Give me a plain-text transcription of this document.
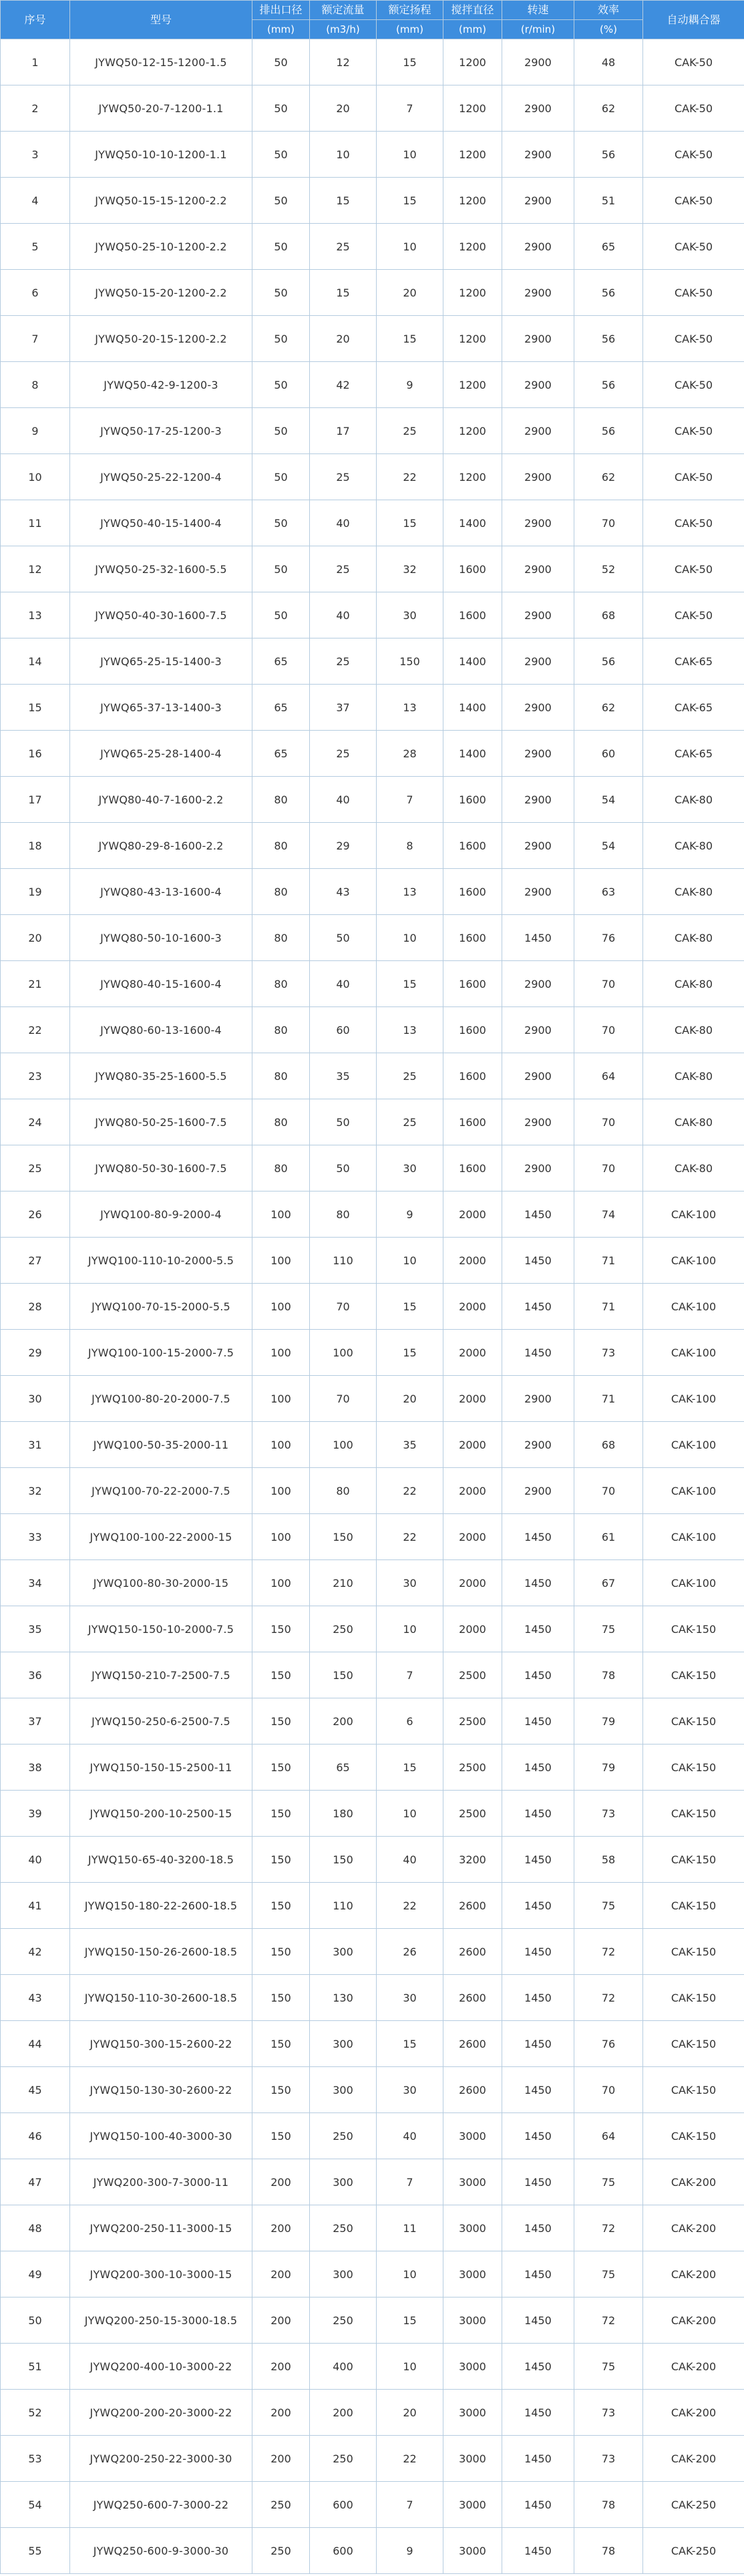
序号	型号	排出口径	额定流量	额定扬程	搅拌直径	转速	效率	自动耦合器
		(mm)	(m3/h)	(mm)	(mm)	(r/min)	(%)	
1	JYWQ50-12-15-1200-1.5	50	12	15	1200	2900	48	CAK-50
2	JYWQ50-20-7-1200-1.1	50	20	7	1200	2900	62	CAK-50
3	JYWQ50-10-10-1200-1.1	50	10	10	1200	2900	56	CAK-50
4	JYWQ50-15-15-1200-2.2	50	15	15	1200	2900	51	CAK-50
5	JYWQ50-25-10-1200-2.2	50	25	10	1200	2900	65	CAK-50
6	JYWQ50-15-20-1200-2.2	50	15	20	1200	2900	56	CAK-50
7	JYWQ50-20-15-1200-2.2	50	20	15	1200	2900	56	CAK-50
8	JYWQ50-42-9-1200-3	50	42	9	1200	2900	56	CAK-50
9	JYWQ50-17-25-1200-3	50	17	25	1200	2900	56	CAK-50
10	JYWQ50-25-22-1200-4	50	25	22	1200	2900	62	CAK-50
11	JYWQ50-40-15-1400-4	50	40	15	1400	2900	70	CAK-50
12	JYWQ50-25-32-1600-5.5	50	25	32	1600	2900	52	CAK-50
13	JYWQ50-40-30-1600-7.5	50	40	30	1600	2900	68	CAK-50
14	JYWQ65-25-15-1400-3	65	25	150	1400	2900	56	CAK-65
15	JYWQ65-37-13-1400-3	65	37	13	1400	2900	62	CAK-65
16	JYWQ65-25-28-1400-4	65	25	28	1400	2900	60	CAK-65
17	JYWQ80-40-7-1600-2.2	80	40	7	1600	2900	54	CAK-80
18	JYWQ80-29-8-1600-2.2	80	29	8	1600	2900	54	CAK-80
19	JYWQ80-43-13-1600-4	80	43	13	1600	2900	63	CAK-80
20	JYWQ80-50-10-1600-3	80	50	10	1600	1450	76	CAK-80
21	JYWQ80-40-15-1600-4	80	40	15	1600	2900	70	CAK-80
22	JYWQ80-60-13-1600-4	80	60	13	1600	2900	70	CAK-80
23	JYWQ80-35-25-1600-5.5	80	35	25	1600	2900	64	CAK-80
24	JYWQ80-50-25-1600-7.5	80	50	25	1600	2900	70	CAK-80
25	JYWQ80-50-30-1600-7.5	80	50	30	1600	2900	70	CAK-80
26	JYWQ100-80-9-2000-4	100	80	9	2000	1450	74	CAK-100
27	JYWQ100-110-10-2000-5.5	100	110	10	2000	1450	71	CAK-100
28	JYWQ100-70-15-2000-5.5	100	70	15	2000	1450	71	CAK-100
29	JYWQ100-100-15-2000-7.5	100	100	15	2000	1450	73	CAK-100
30	JYWQ100-80-20-2000-7.5	100	70	20	2000	2900	71	CAK-100
31	JYWQ100-50-35-2000-11	100	100	35	2000	2900	68	CAK-100
32	JYWQ100-70-22-2000-7.5	100	80	22	2000	2900	70	CAK-100
33	JYWQ100-100-22-2000-15	100	150	22	2000	1450	61	CAK-100
34	JYWQ100-80-30-2000-15	100	210	30	2000	1450	67	CAK-100
35	JYWQ150-150-10-2000-7.5	150	250	10	2000	1450	75	CAK-150
36	JYWQ150-210-7-2500-7.5	150	150	7	2500	1450	78	CAK-150
37	JYWQ150-250-6-2500-7.5	150	200	6	2500	1450	79	CAK-150
38	JYWQ150-150-15-2500-11	150	65	15	2500	1450	79	CAK-150
39	JYWQ150-200-10-2500-15	150	180	10	2500	1450	73	CAK-150
40	JYWQ150-65-40-3200-18.5	150	150	40	3200	1450	58	CAK-150
41	JYWQ150-180-22-2600-18.5	150	110	22	2600	1450	75	CAK-150
42	JYWQ150-150-26-2600-18.5	150	300	26	2600	1450	72	CAK-150
43	JYWQ150-110-30-2600-18.5	150	130	30	2600	1450	72	CAK-150
44	JYWQ150-300-15-2600-22	150	300	15	2600	1450	76	CAK-150
45	JYWQ150-130-30-2600-22	150	300	30	2600	1450	70	CAK-150
46	JYWQ150-100-40-3000-30	150	250	40	3000	1450	64	CAK-150
47	JYWQ200-300-7-3000-11	200	300	7	3000	1450	75	CAK-200
48	JYWQ200-250-11-3000-15	200	250	11	3000	1450	72	CAK-200
49	JYWQ200-300-10-3000-15	200	300	10	3000	1450	75	CAK-200
50	JYWQ200-250-15-3000-18.5	200	250	15	3000	1450	72	CAK-200
51	JYWQ200-400-10-3000-22	200	400	10	3000	1450	75	CAK-200
52	JYWQ200-200-20-3000-22	200	200	20	3000	1450	73	CAK-200
53	JYWQ200-250-22-3000-30	200	250	22	3000	1450	73	CAK-200
54	JYWQ250-600-7-3000-22	250	600	7	3000	1450	78	CAK-250
55	JYWQ250-600-9-3000-30	250	600	9	3000	1450	78	CAK-250
